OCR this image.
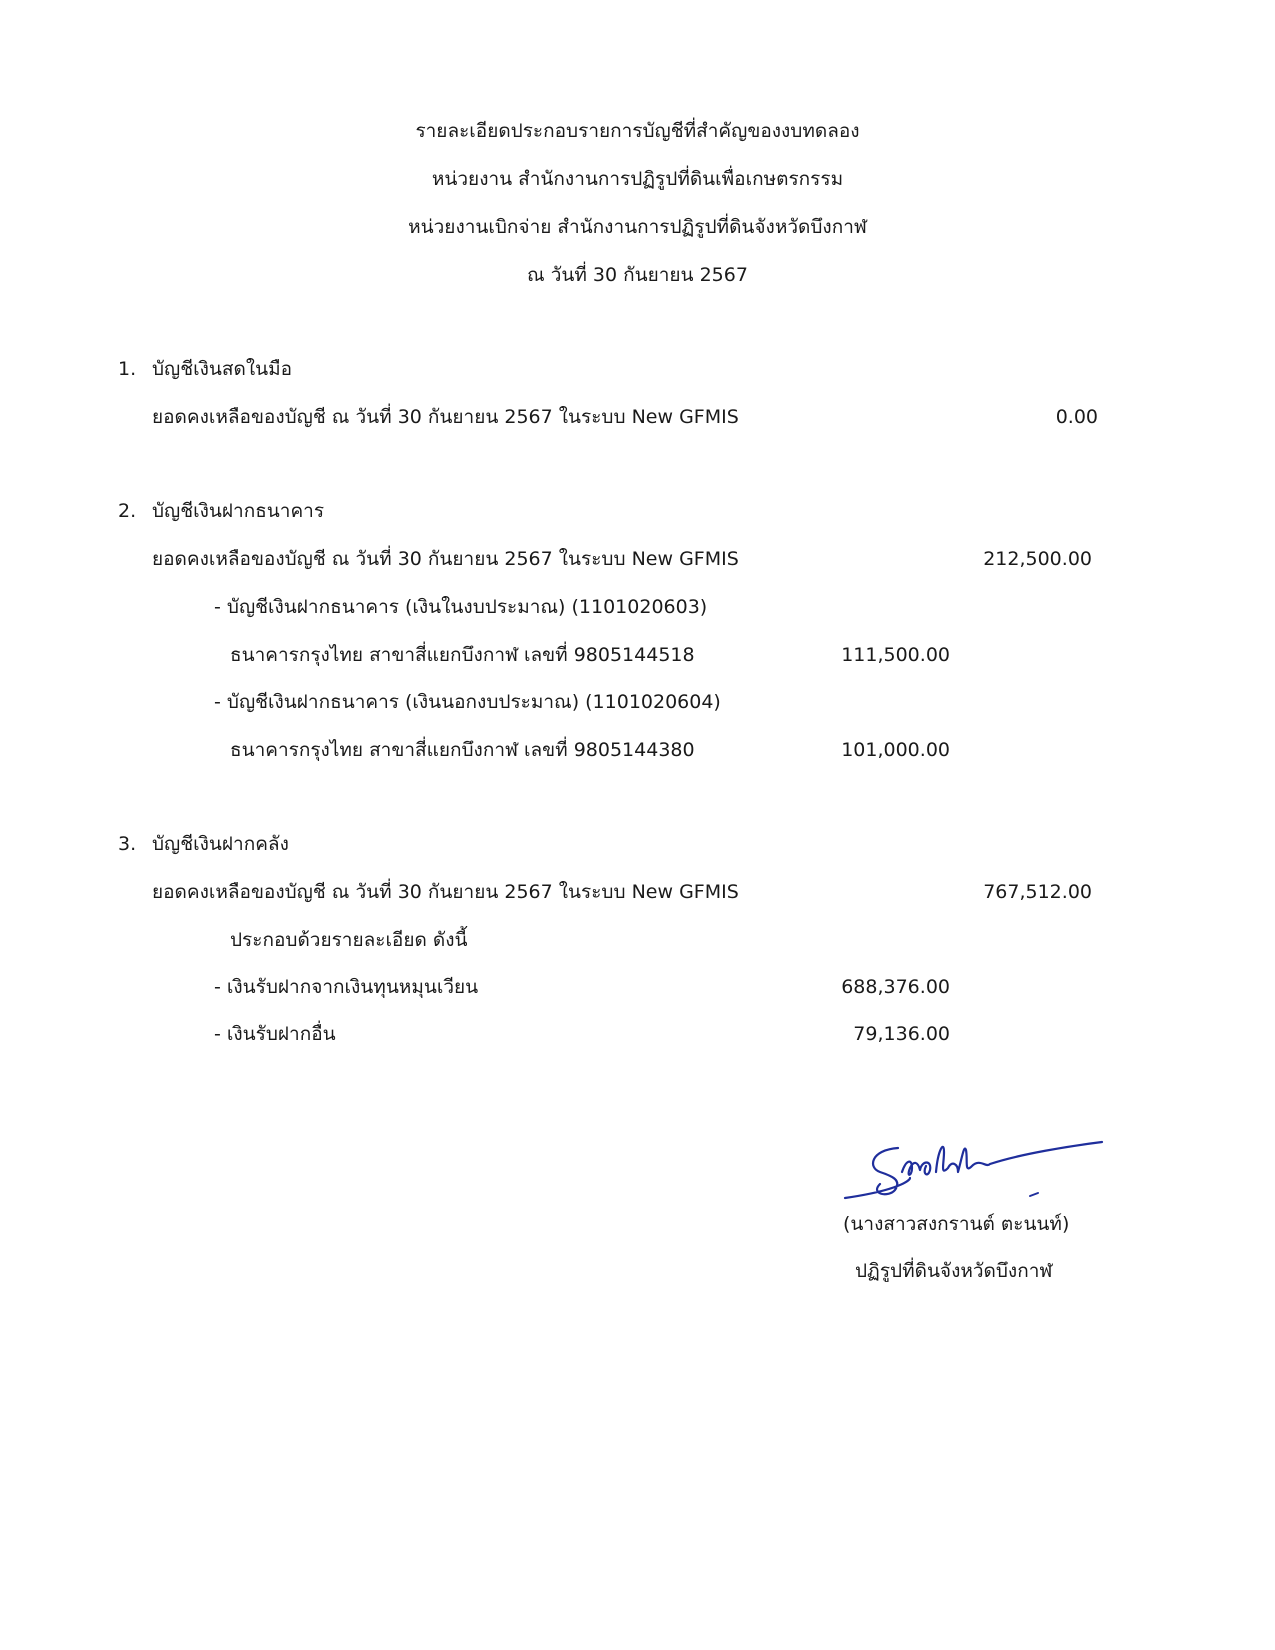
รายละเอียดประกอบรายการบัญชีที่สำคัญของงบทดลอง
หน่วยงาน สำนักงานการปฏิรูปที่ดินเพื่อเกษตรกรรม
หน่วยงานเบิกจ่าย สำนักงานการปฏิรูปที่ดินจังหวัดบึงกาฬ
ณ วันที่ 30 กันยายน 2567
1. บัญชีเงินสดในมือ
ยอดคงเหลือของบัญชี ณ วันที่ 30 กันยายน 2567 ในระบบ New GFMIS	0.00
2. บัญชีเงินฝากธนาคาร
ยอดคงเหลือของบัญชี ณ วันที่ 30 กันยายน 2567 ในระบบ New GFMIS	212,500.00
- บัญชีเงินฝากธนาคาร (เงินในงบประมาณ) (1101020603)
ธนาคารกรุงไทย สาขาสี่แยกบึงกาฬ เลขที่ 9805144518	111,500.00
- บัญชีเงินฝากธนาคาร (เงินนอกงบประมาณ) (1101020604)
ธนาคารกรุงไทย สาขาสี่แยกบึงกาฬ เลขที่ 9805144380	101,000.00
3. บัญชีเงินฝากคลัง
ยอดคงเหลือของบัญชี ณ วันที่ 30 กันยายน 2567 ในระบบ New GFMIS	767,512.00
ประกอบด้วยรายละเอียด ดังนี้
- เงินรับฝากจากเงินทุนหมุนเวียน	688,376.00
- เงินรับฝากอื่น	79,136.00
(นางสาวสงกรานต์ ตะนนท์)
ปฏิรูปที่ดินจังหวัดบึงกาฬ
